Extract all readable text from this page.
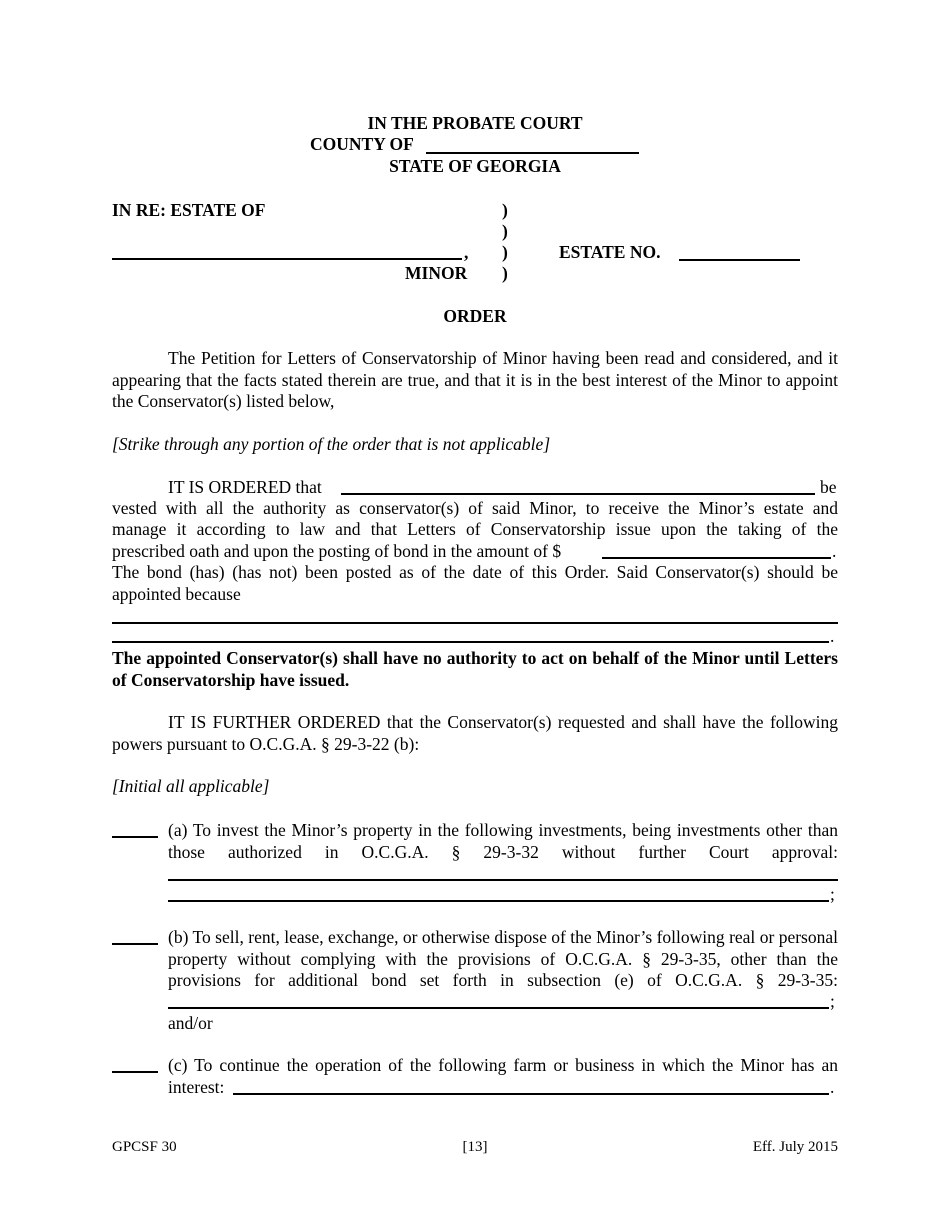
IN THE PROBATE COURT
COUNTY OF
STATE OF GEORGIA
IN RE: ESTATE OF	)
)
, )	ESTATE NO.
MINOR )
ORDER
The Petition for Letters of Conservatorship of Minor having been read and considered, and it appearing that the facts stated therein are true, and that it is in the best interest of the Minor to appoint the Conservator(s) listed below,
[Strike through any portion of the order that is not applicable]
IT IS ORDERED that	be
vested with all the authority as conservator(s) of said Minor, to receive the Minor’s estate and
manage it according to law and that Letters of Conservatorship issue upon the taking of the
prescribed oath and upon the posting of bond in the amount of $	.
The bond (has) (has not) been posted as of the date of this Order. Said Conservator(s) should be
appointed because
.
The appointed Conservator(s) shall have no authority to act on behalf of the Minor until Letters of Conservatorship have issued.
IT IS FURTHER ORDERED that the Conservator(s) requested and shall have the following powers pursuant to O.C.G.A. § 29-3-22 (b):
[Initial all applicable]
(a) To invest the Minor’s property in the following investments, being investments other than those authorized in O.C.G.A. § 29-3-32 without further Court approval:
;
(b) To sell, rent, lease, exchange, or otherwise dispose of the Minor’s following real or personal property without complying with the provisions of O.C.G.A. § 29-3-35, other than the provisions for additional bond set forth in subsection (e) of O.C.G.A. § 29-3-35:
;
and/or
(c) To continue the operation of the following farm or business in which the Minor has an
interest:	.
GPCSF 30	[13]	Eff. July 2015
